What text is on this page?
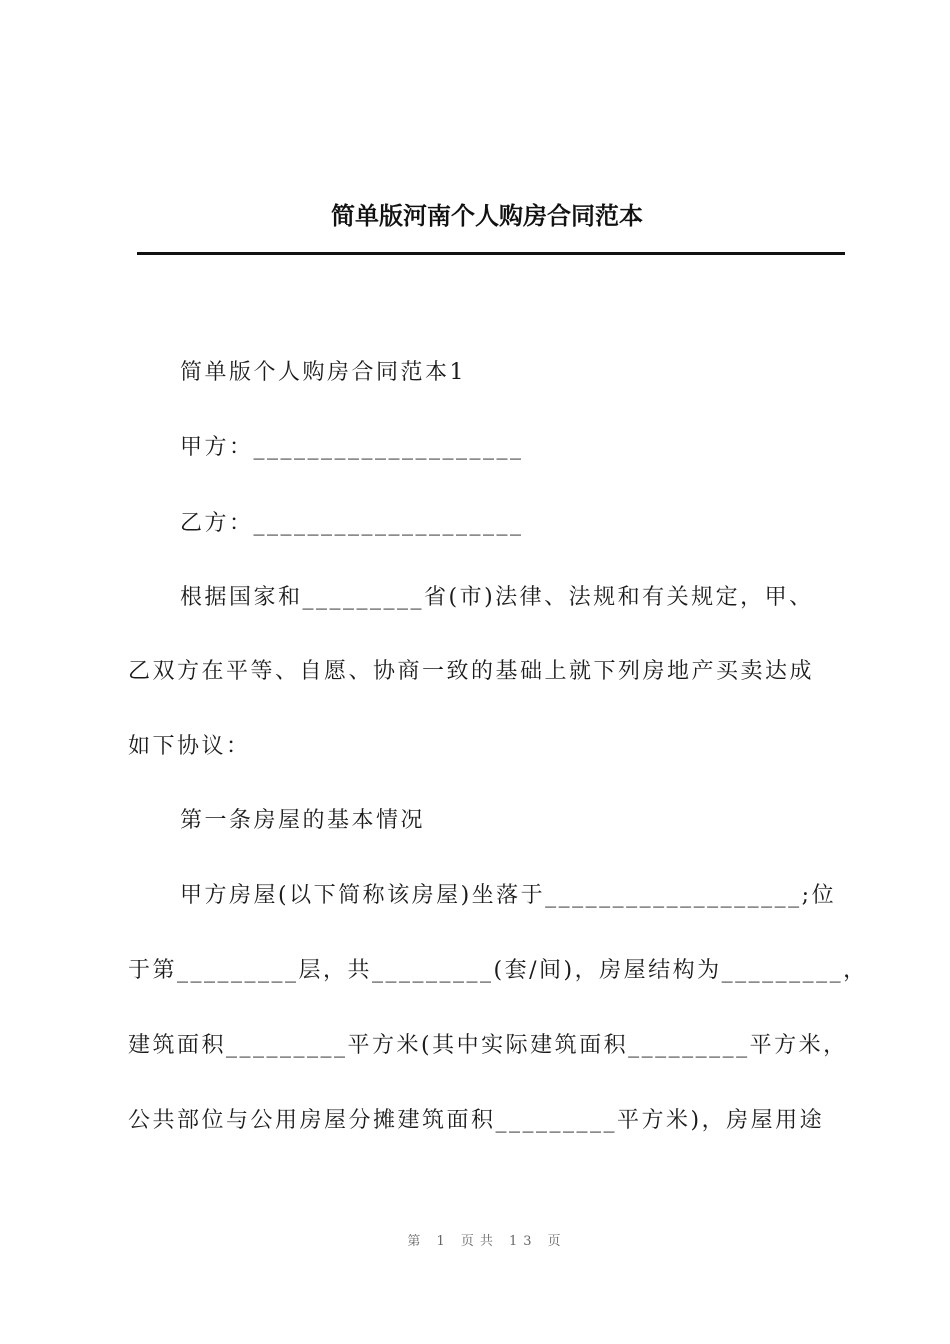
简单版河南个人购房合同范本
简单版个人购房合同范本1
甲方：____________________
乙方：____________________
根据国家和_________省(市)法律、法规和有关规定，甲、
乙双方在平等、自愿、协商一致的基础上就下列房地产买卖达成
如下协议：
第一条房屋的基本情况
甲方房屋(以下简称该房屋)坐落于___________________;位
于第_________层，共_________(套/间)，房屋结构为_________，
建筑面积_________平方米(其中实际建筑面积_________平方米，
公共部位与公用房屋分摊建筑面积_________平方米)，房屋用途
第 1 页共 13 页
